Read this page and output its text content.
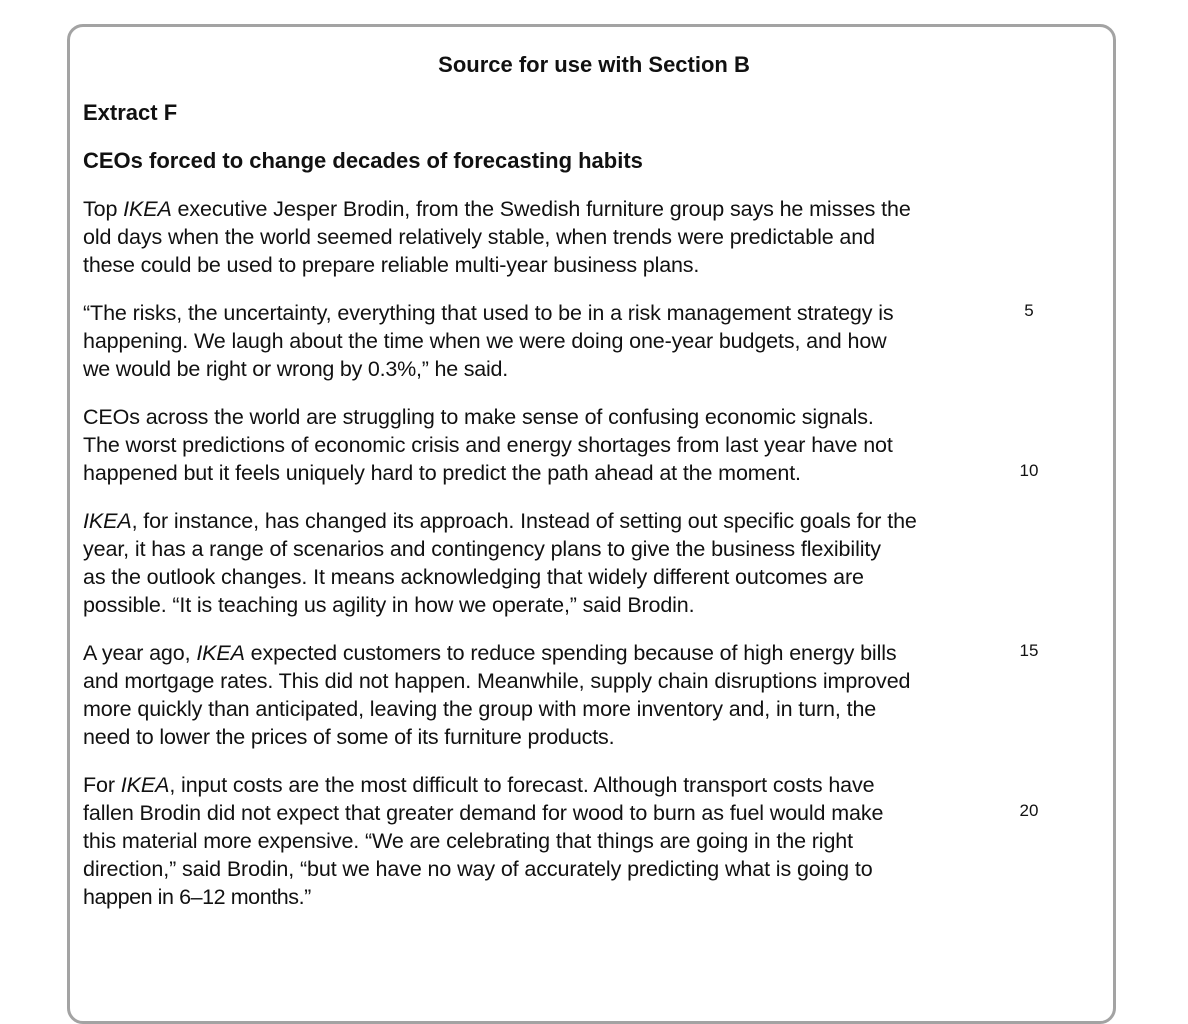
Source for use with Section B
Extract F
CEOs forced to change decades of forecasting habits

Top IKEA executive Jesper Brodin, from the Swedish furniture group says he misses the
old days when the world seemed relatively stable, when trends were predictable and
these could be used to prepare reliable multi-year business plans.

“The risks, the uncertainty, everything that used to be in a risk management strategy is
happening. We laugh about the time when we were doing one-year budgets, and how
we would be right or wrong by 0.3%,” he said.

CEOs across the world are struggling to make sense of confusing economic signals.
The worst predictions of economic crisis and energy shortages from last year have not
happened but it feels uniquely hard to predict the path ahead at the moment.

IKEA, for instance, has changed its approach. Instead of setting out specific goals for the
year, it has a range of scenarios and contingency plans to give the business flexibility
as the outlook changes. It means acknowledging that widely different outcomes are
possible. “It is teaching us agility in how we operate,” said Brodin.

A year ago, IKEA expected customers to reduce spending because of high energy bills
and mortgage rates. This did not happen. Meanwhile, supply chain disruptions improved
more quickly than anticipated, leaving the group with more inventory and, in turn, the
need to lower the prices of some of its furniture products.

For IKEA, input costs are the most difficult to forecast. Although transport costs have
fallen Brodin did not expect that greater demand for wood to burn as fuel would make
this material more expensive. “We are celebrating that things are going in the right
direction,” said Brodin, “but we have no way of accurately predicting what is going to
happen in 6–12 months.”

5
10
15
20
